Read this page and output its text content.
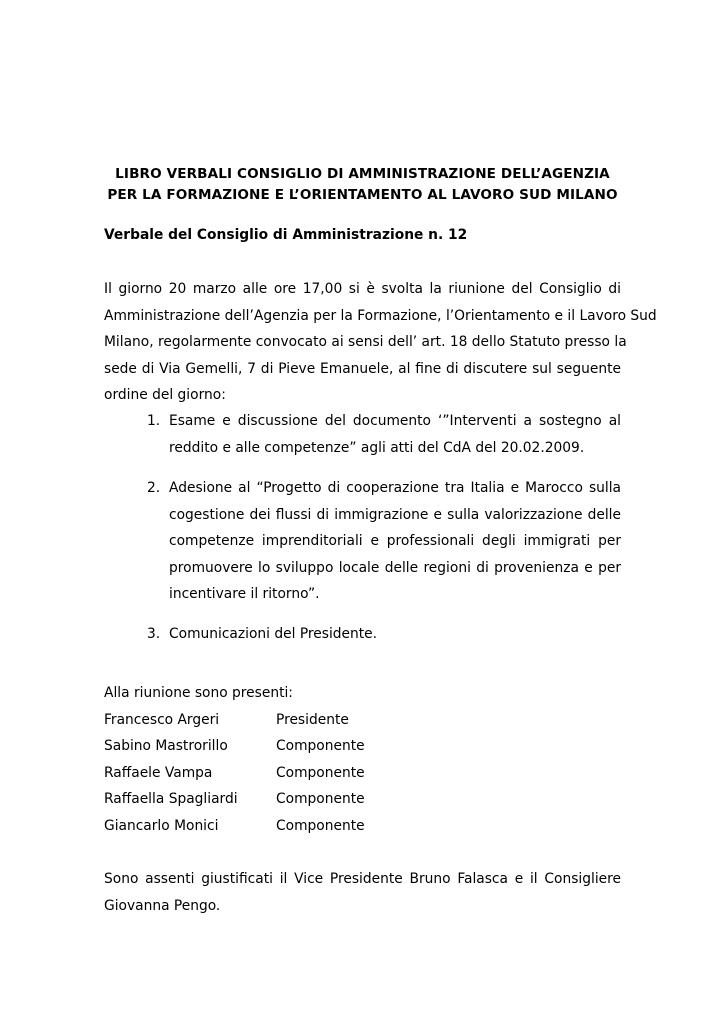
LIBRO VERBALI CONSIGLIO DI AMMINISTRAZIONE DELL’AGENZIA
PER LA FORMAZIONE E L’ORIENTAMENTO AL LAVORO SUD MILANO
Verbale del Consiglio di Amministrazione n. 12
Il giorno 20 marzo alle ore 17,00 si è svolta la riunione del Consiglio di
Amministrazione dell’Agenzia per la Formazione, l’Orientamento e il Lavoro Sud
Milano, regolarmente convocato ai sensi dell’ art. 18 dello Statuto presso la
sede di Via Gemelli, 7 di Pieve Emanuele, al fine di discutere sul seguente
ordine del giorno:
1. Esame e discussione del documento ‘”Interventi a sostegno al
reddito e alle competenze” agli atti del CdA del 20.02.2009.
2. Adesione al “Progetto di cooperazione tra Italia e Marocco sulla
cogestione dei flussi di immigrazione e sulla valorizzazione delle
competenze imprenditoriali e professionali degli immigrati per
promuovere lo sviluppo locale delle regioni di provenienza e per
incentivare il ritorno”.
3. Comunicazioni del Presidente.
Alla riunione sono presenti:
Francesco Argeri	Presidente
Sabino Mastrorillo	Componente
Raffaele Vampa	Componente
Raffaella Spagliardi	Componente
Giancarlo Monici	Componente
Sono assenti giustificati il Vice Presidente Bruno Falasca e il Consigliere
Giovanna Pengo.
